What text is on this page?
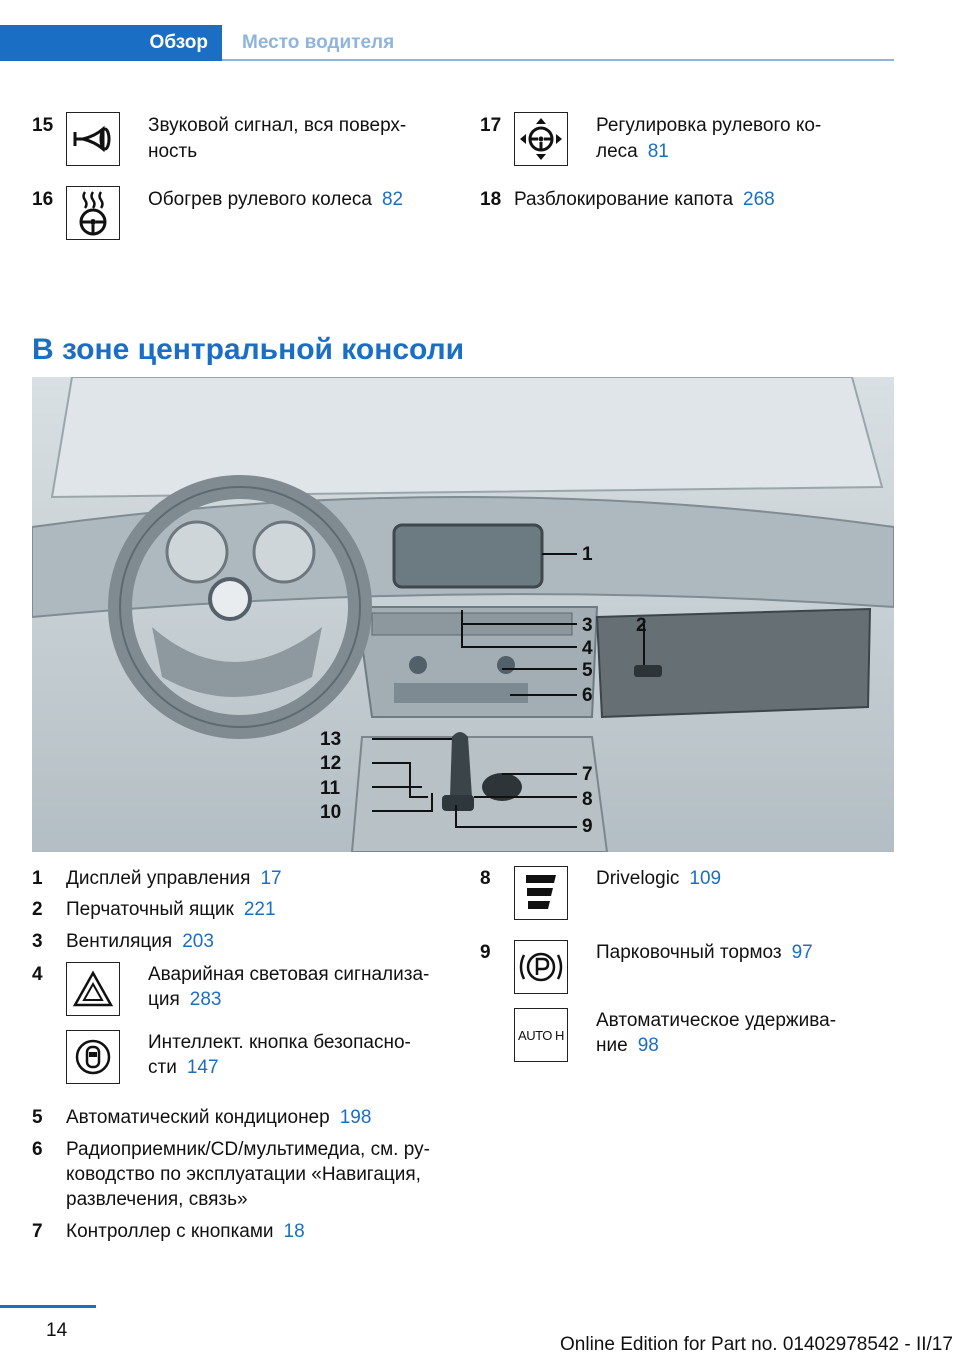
Обзор	Место водителя
15	Звуковой сигнал, вся поверх-
ность
16	Обогрев рулевого колеса 82
17	Регулировка рулевого ко-
леса 81
18 Разблокирование капота 268
В зоне центральной консоли
1
2
3
4
5
6
7
8
9
10
11
12
13
1 Дисплей управления 17
2 Перчаточный ящик 221
3 Вентиляция 203
4	Аварийная световая сигнализа-
ция 283
Интеллект. кнопка безопасно-
сти 147
5 Автоматический кондиционер 198
6 Радиоприемник/CD/мультимедиа, см. ру-
ководство по эксплуатации «Навигация,
развлечения, связь»
7 Контроллер с кнопками 18
8	Drivelogic 109
9	Парковочный тормоз 97
AUTO H
Автоматическое удержива-
ние 98
14
Online Edition for Part no. 01402978542 - II/17
